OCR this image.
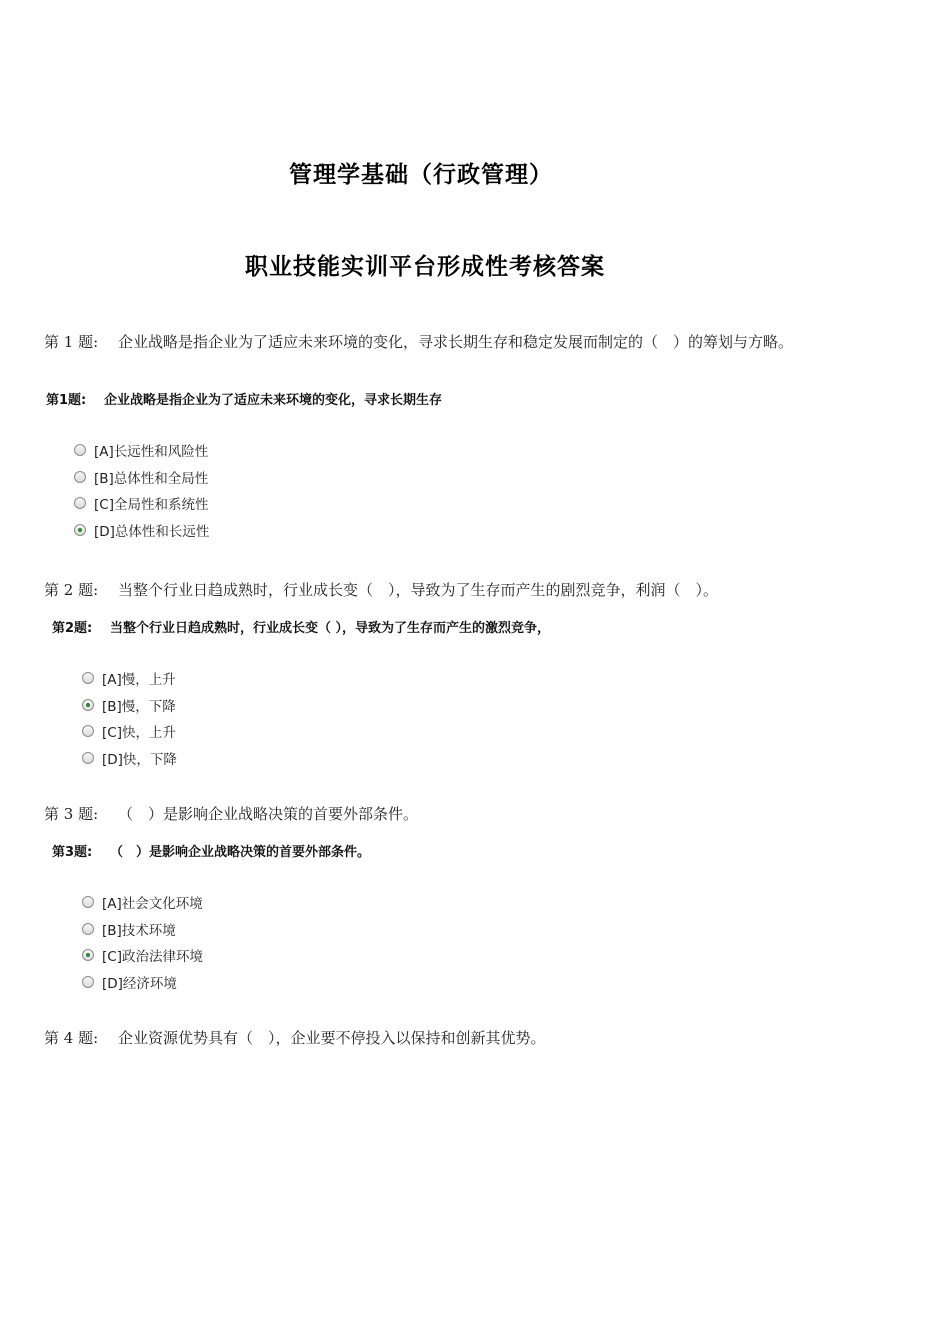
管理学基础（行政管理）
职业技能实训平台形成性考核答案
第 1 题: 企业战略是指企业为了适应未来环境的变化，寻求长期生存和稳定发展而制定的（　）的筹划与方略。
第1题: 企业战略是指企业为了适应未来环境的变化，寻求长期生存
[A]长远性和风险性
[B]总体性和全局性
[C]全局性和系统性
[D]总体性和长远性
第 2 题: 当整个行业日趋成熟时，行业成长变（　），导致为了生存而产生的剧烈竞争，利润（　）。
第2题: 当整个行业日趋成熟时，行业成长变（ ），导致为了生存而产生的激烈竞争，
[A]慢，上升
[B]慢，下降
[C]快，上升
[D]快，下降
第 3 题: （　）是影响企业战略决策的首要外部条件。
第3题: （　）是影响企业战略决策的首要外部条件。
[A]社会文化环境
[B]技术环境
[C]政治法律环境
[D]经济环境
第 4 题: 企业资源优势具有（　），企业要不停投入以保持和创新其优势。
